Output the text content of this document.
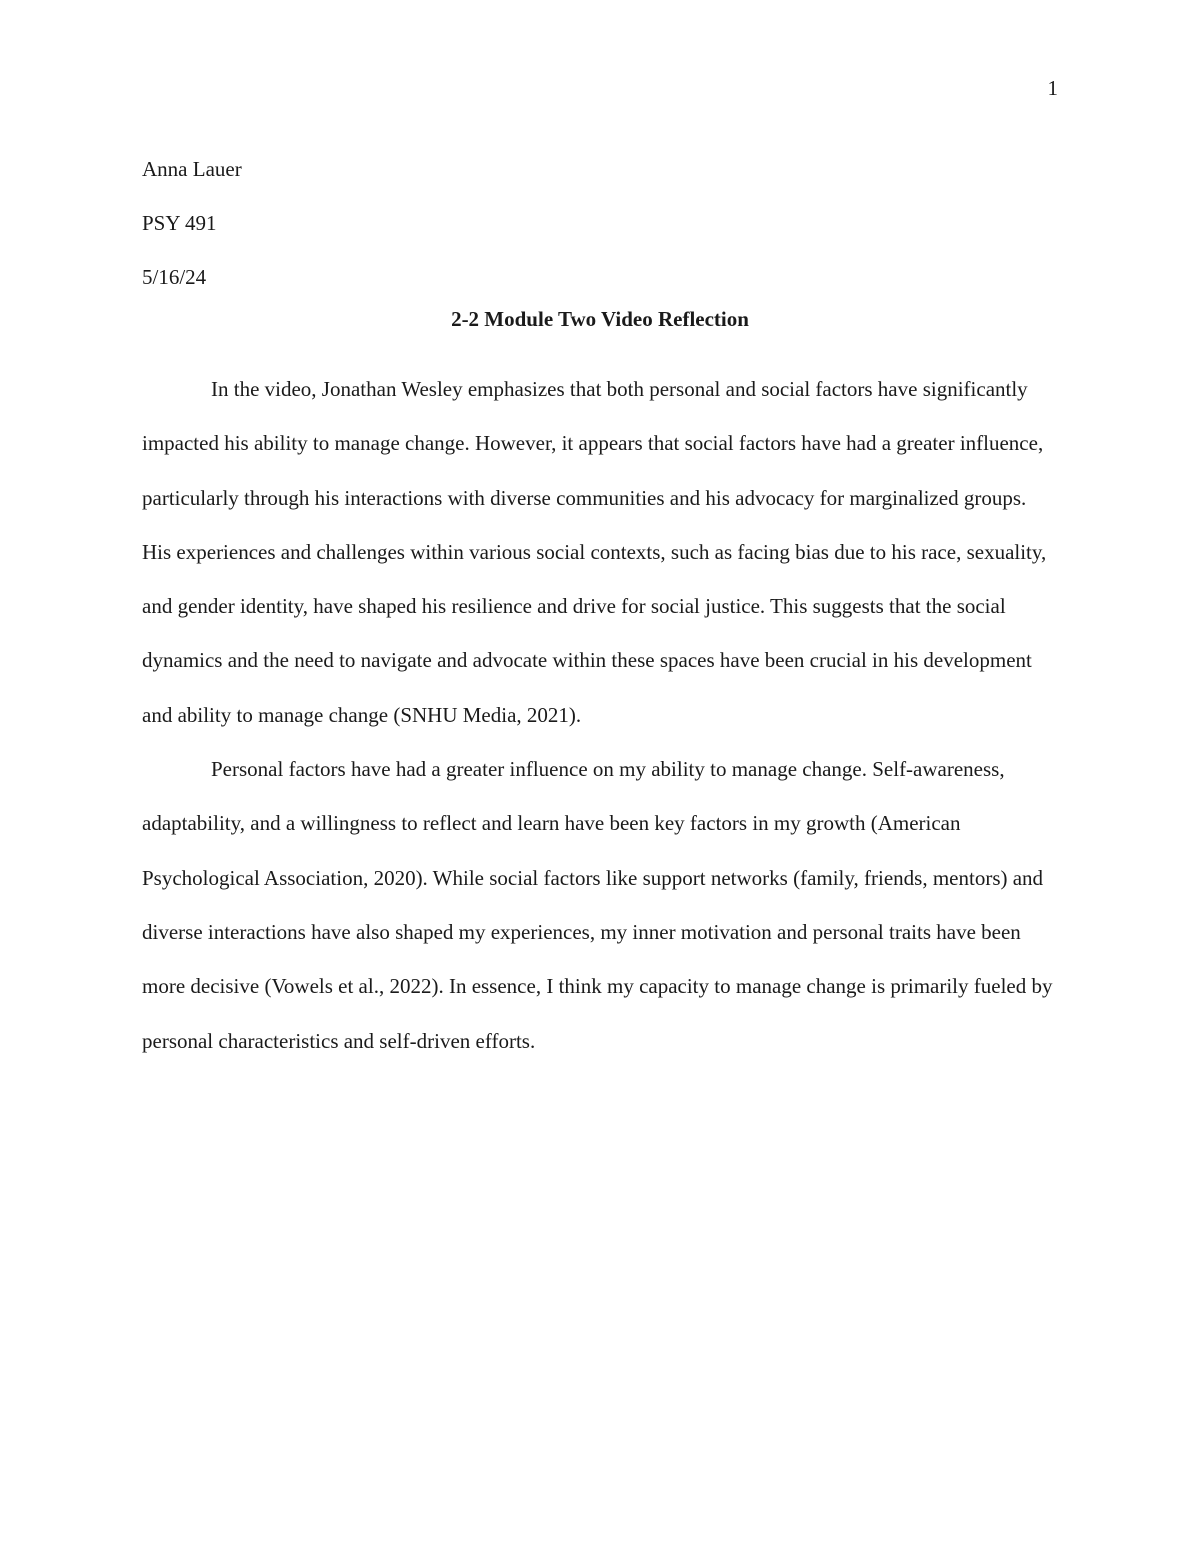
1

Anna Lauer

PSY 491

5/16/24

2-2 Module Two Video Reflection

In the video, Jonathan Wesley emphasizes that both personal and social factors have significantly impacted his ability to manage change. However, it appears that social factors have had a greater influence, particularly through his interactions with diverse communities and his advocacy for marginalized groups. His experiences and challenges within various social contexts, such as facing bias due to his race, sexuality, and gender identity, have shaped his resilience and drive for social justice. This suggests that the social dynamics and the need to navigate and advocate within these spaces have been crucial in his development and ability to manage change (SNHU Media, 2021).

Personal factors have had a greater influence on my ability to manage change. Self-awareness, adaptability, and a willingness to reflect and learn have been key factors in my growth (American Psychological Association, 2020). While social factors like support networks (family, friends, mentors) and diverse interactions have also shaped my experiences, my inner motivation and personal traits have been more decisive (Vowels et al., 2022). In essence, I think my capacity to manage change is primarily fueled by personal characteristics and self-driven efforts.
